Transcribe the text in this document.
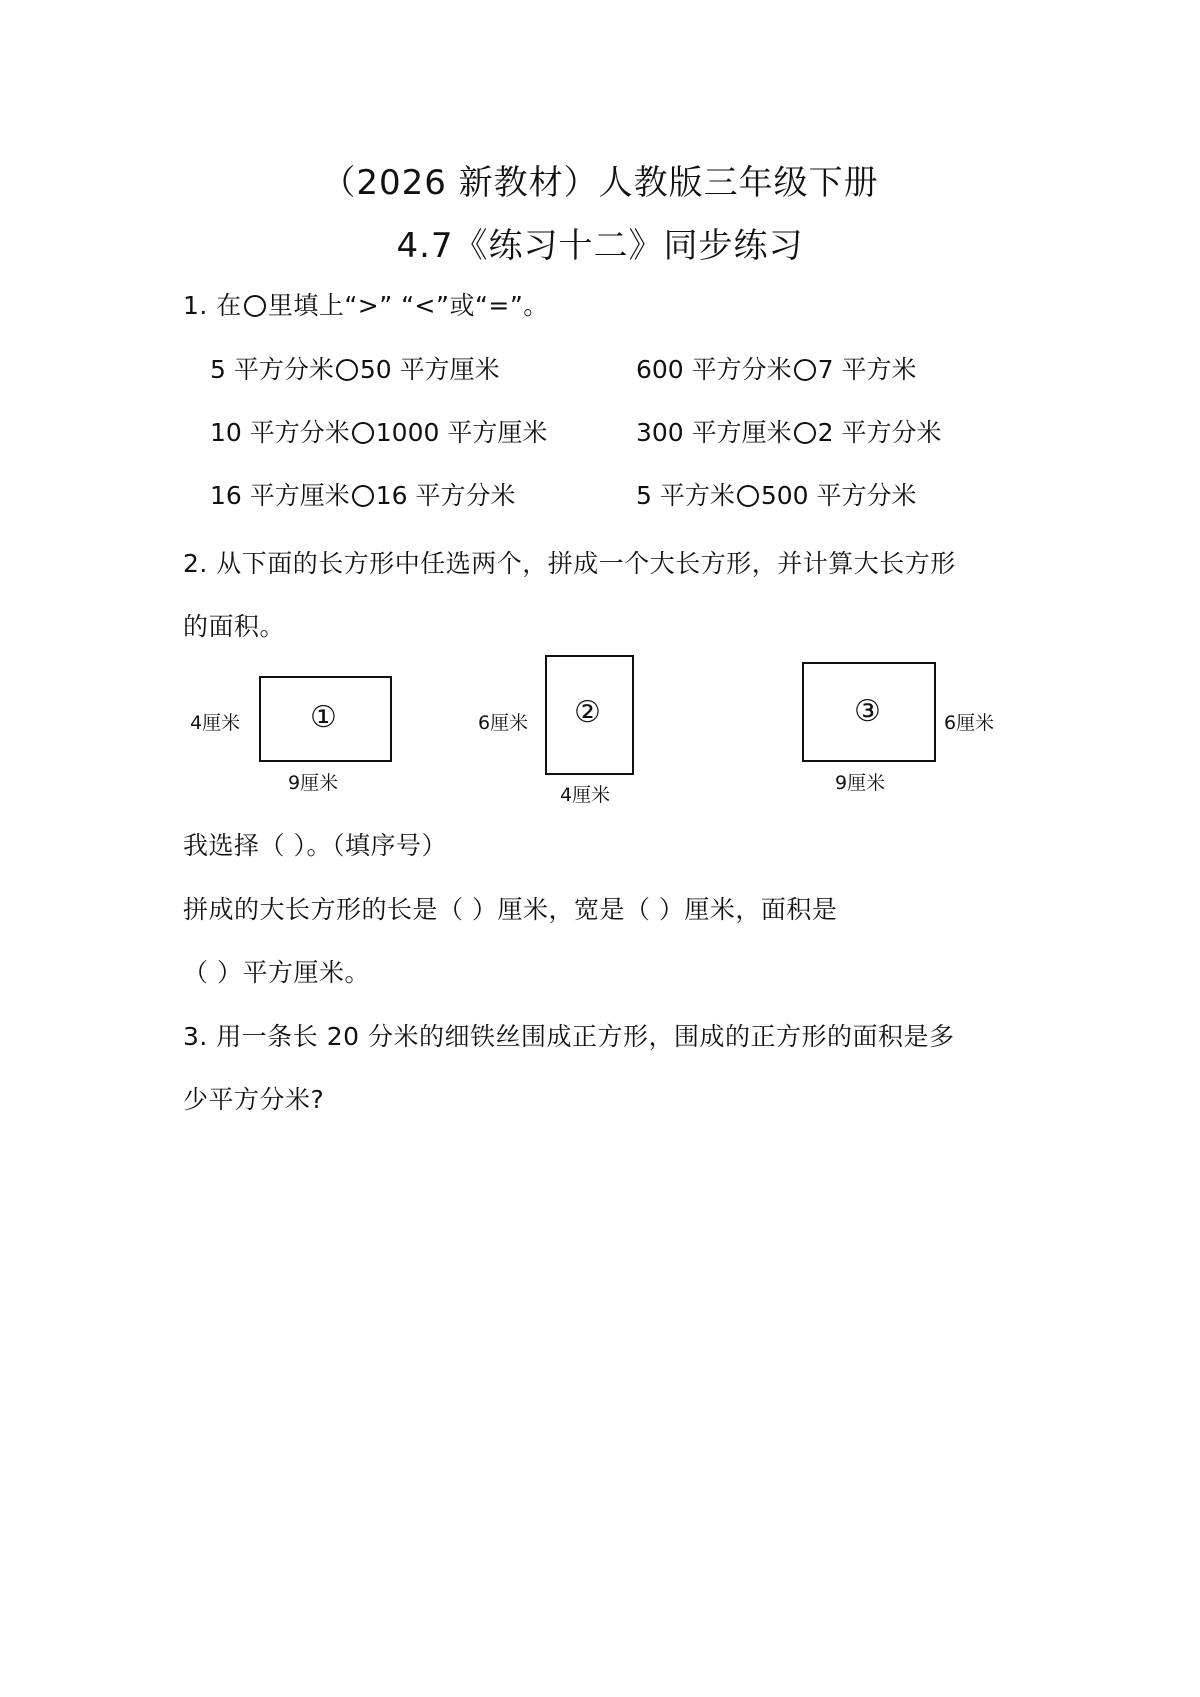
（2026 新教材）人教版三年级下册
4.7《练习十二》同步练习
1. 在 里填上“>” “<”或“=”。
5 平方分米 50 平方厘米	600 平方分米 7 平方米
10 平方分米 1000 平方厘米	300 平方厘米 2 平方分米
16 平方厘米 16 平方分米	5 平方米 500 平方分米
2. 从下面的长方形中任选两个，拼成一个大长方形，并计算大长方形
的面积。
①
4厘米
9厘米
②
6厘米
4厘米
③	6厘米
9厘米
我选择（ ）。（填序号）
拼成的大长方形的长是（ ）厘米，宽是（ ）厘米，面积是
（ ）平方厘米。
3. 用一条长 20 分米的细铁丝围成正方形，围成的正方形的面积是多
少平方分米?
